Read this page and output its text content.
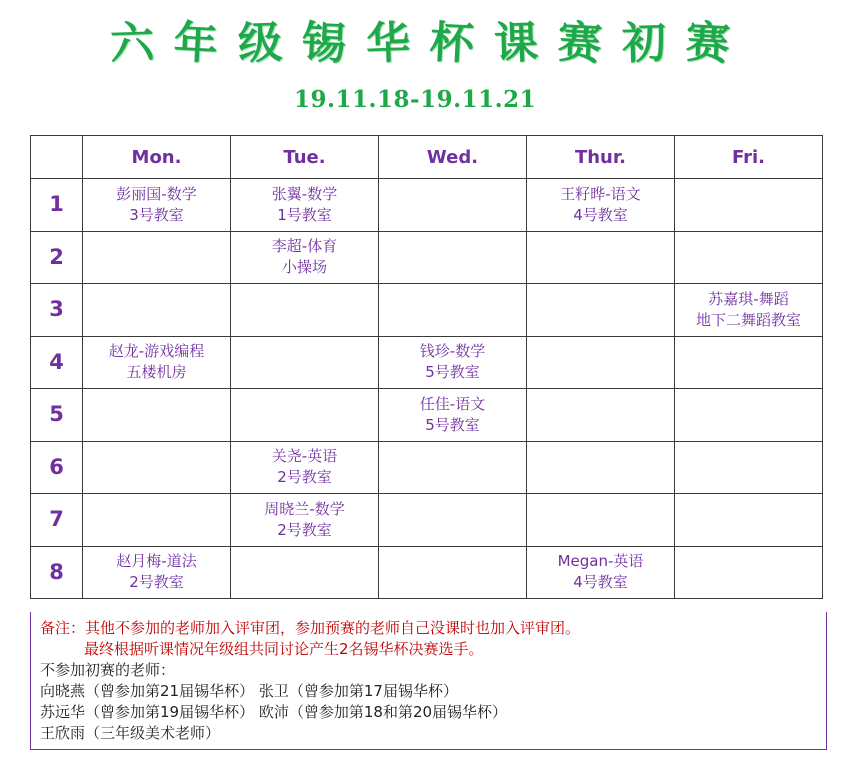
六 年 级 锡 华 杯 课 赛 初 赛
19.11.18-19.11.21
	Mon.	Tue.	Wed.	Thur.	Fri.
1	彭丽国-数学
3号教室	张翼-数学
1号教室		王籽晔-语文
4号教室	

2		李超-体育
小操场			

3					苏嘉琪-舞蹈
地下二舞蹈教室

4	赵龙-游戏编程
五楼机房		钱珍-数学
5号教室		

5			任佳-语文
5号教室		

6		关尧-英语
2号教室			

7		周晓兰-数学
2号教室			

8	赵月梅-道法
2号教室			Megan-英语
4号教室	

备注：其他不参加的老师加入评审团，参加预赛的老师自己没课时也加入评审团。
最终根据听课情况年级组共同讨论产生2名锡华杯决赛选手。
不参加初赛的老师：
向晓燕（曾参加第21届锡华杯） 张卫（曾参加第17届锡华杯）
苏远华（曾参加第19届锡华杯） 欧沛（曾参加第18和第20届锡华杯）
王欣雨（三年级美术老师）
